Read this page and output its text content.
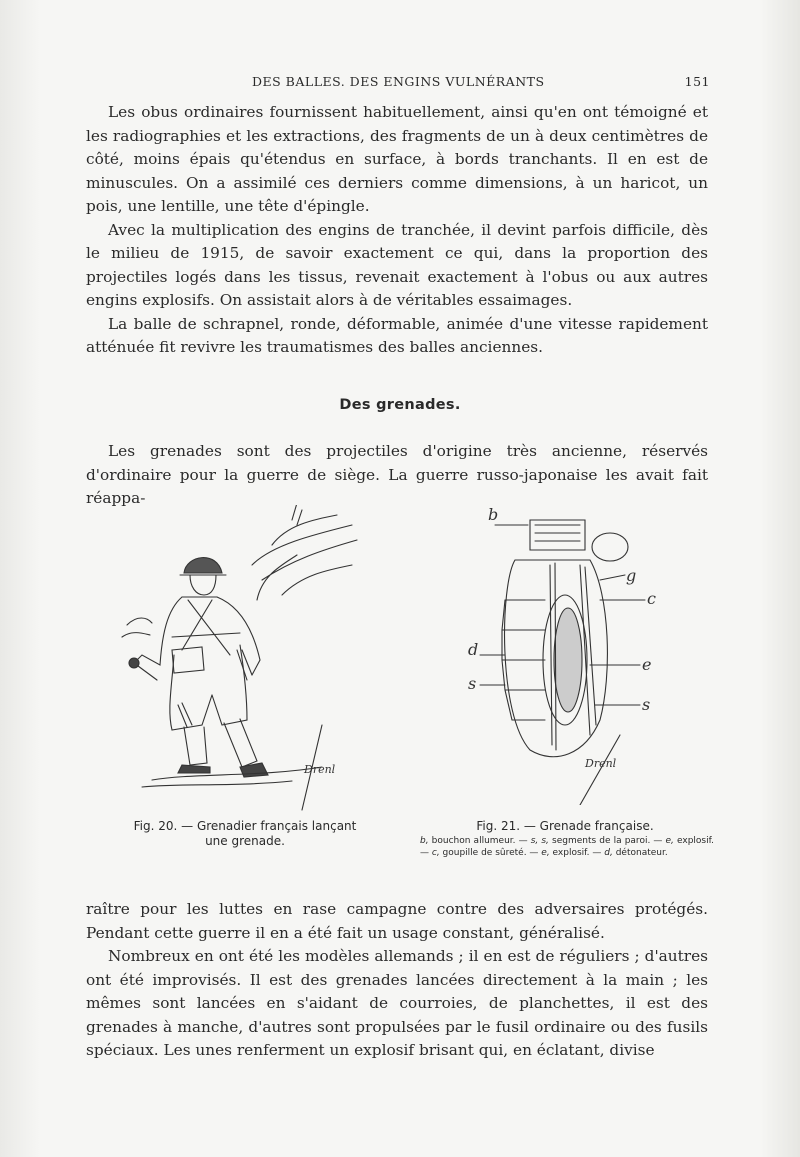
DES BALLES. DES ENGINS VULNÉRANTS	151

Les obus ordinaires fournissent habituellement, ainsi qu'en ont témoigné et les radiographies et les extractions, des fragments de un à deux centimètres de côté, moins épais qu'étendus en surface, à bords tranchants. Il en est de minuscules. On a assimilé ces derniers comme dimensions, à un haricot, un pois, une lentille, une tête d'épingle.

Avec la multiplication des engins de tranchée, il devint parfois difficile, dès le milieu de 1915, de savoir exactement ce qui, dans la proportion des projectiles logés dans les tissus, revenait exactement à l'obus ou aux autres engins explosifs. On assistait alors à de véritables essaimages.

La balle de schrapnel, ronde, déformable, animée d'une vitesse rapidement atténuée fit revivre les traumatismes des balles anciennes.

Des grenades.

Les grenades sont des projectiles d'origine très ancienne, réservés d'ordinaire pour la guerre de siège. La guerre russo-japonaise les avait fait réappa-

Drenl
Fig. 20. — Grenadier français lançant une grenade.
b
g
c
d
e
s
s
Drenl
Fig. 21. — Grenade française.
b, bouchon allumeur. — s, s, segments de la paroi. — e, explosif. — c, goupille de sûreté. — e, explosif. — d, détonateur.

raître pour les luttes en rase campagne contre des adversaires protégés. Pendant cette guerre il en a été fait un usage constant, généralisé.

Nombreux en ont été les modèles allemands ; il en est de réguliers ; d'autres ont été improvisés. Il est des grenades lancées directement à la main ; les mêmes sont lancées en s'aidant de courroies, de planchettes, il est des grenades à manche, d'autres sont propulsées par le fusil ordinaire ou des fusils spéciaux. Les unes renferment un explosif brisant qui, en éclatant, divise
